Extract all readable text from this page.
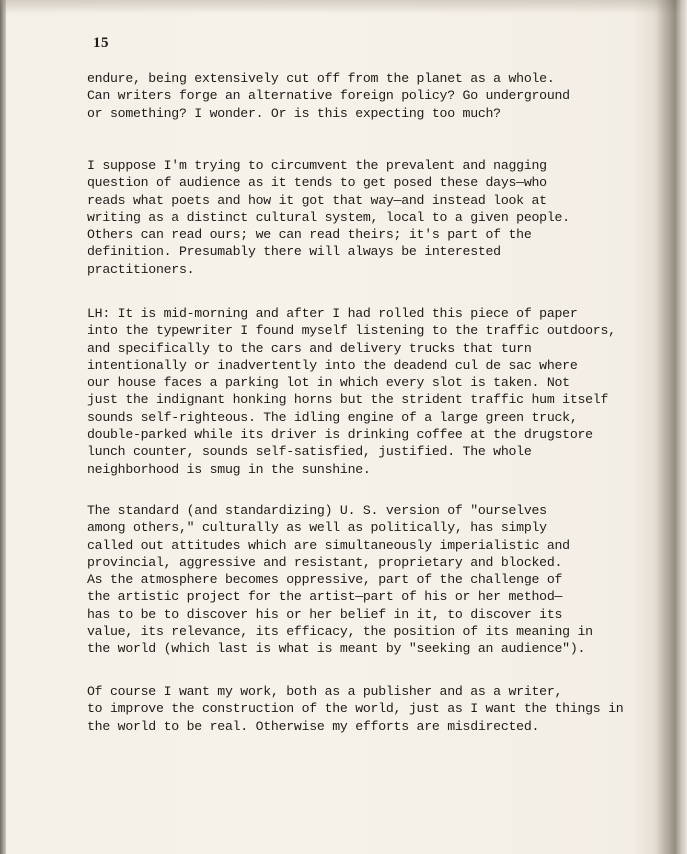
15
endure, being extensively cut off from the planet as a whole.
Can writers forge an alternative foreign policy? Go underground
or something? I wonder. Or is this expecting too much?
I suppose I'm trying to circumvent the prevalent and nagging
question of audience as it tends to get posed these days—who
reads what poets and how it got that way—and instead look at
writing as a distinct cultural system, local to a given people.
Others can read ours; we can read theirs; it's part of the
definition. Presumably there will always be interested
practitioners.
LH: It is mid-morning and after I had rolled this piece of paper
into the typewriter I found myself listening to the traffic outdoors,
and specifically to the cars and delivery trucks that turn
intentionally or inadvertently into the deadend cul de sac where
our house faces a parking lot in which every slot is taken. Not
just the indignant honking horns but the strident traffic hum itself
sounds self-righteous. The idling engine of a large green truck,
double-parked while its driver is drinking coffee at the drugstore
lunch counter, sounds self-satisfied, justified. The whole
neighborhood is smug in the sunshine.
The standard (and standardizing) U. S. version of "ourselves
among others," culturally as well as politically, has simply
called out attitudes which are simultaneously imperialistic and
provincial, aggressive and resistant, proprietary and blocked.
As the atmosphere becomes oppressive, part of the challenge of
the artistic project for the artist—part of his or her method—
has to be to discover his or her belief in it, to discover its
value, its relevance, its efficacy, the position of its meaning in
the world (which last is what is meant by "seeking an audience").
Of course I want my work, both as a publisher and as a writer,
to improve the construction of the world, just as I want the things in
the world to be real. Otherwise my efforts are misdirected.
